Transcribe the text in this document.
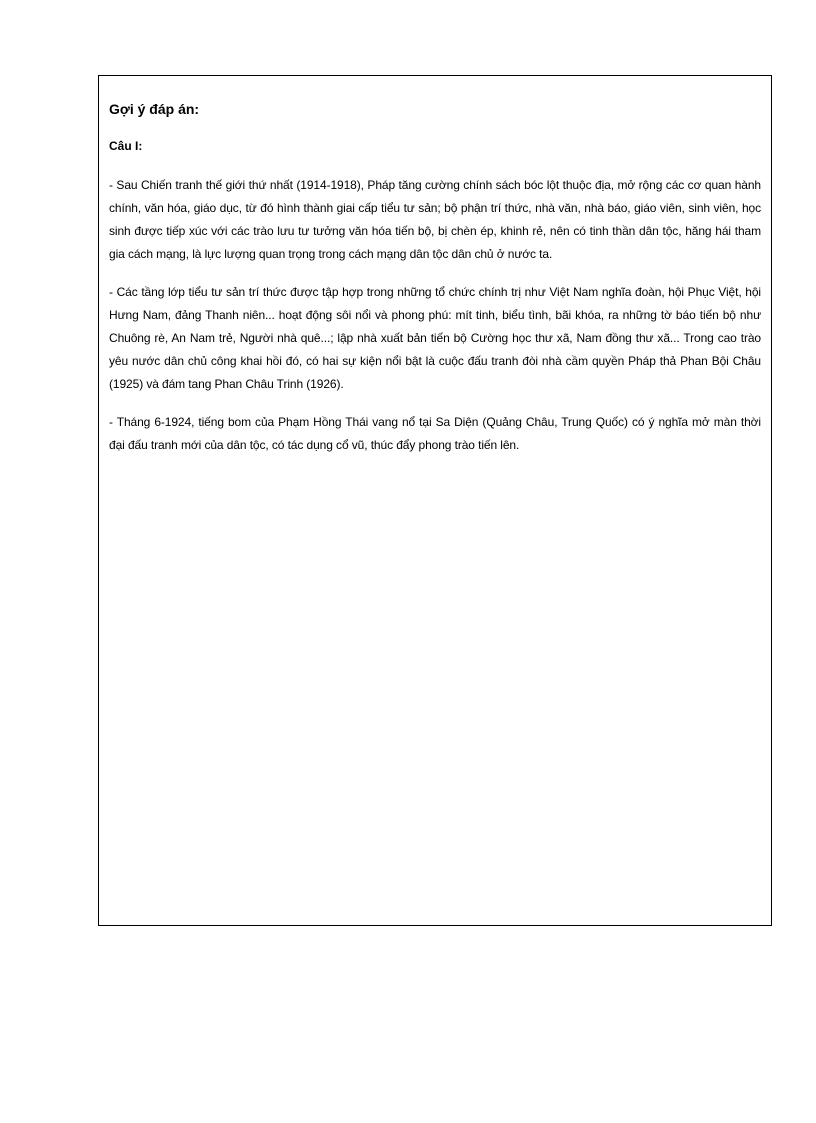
Gợi ý đáp án:

Câu I:

- Sau Chiến tranh thế giới thứ nhất (1914-1918), Pháp tăng cường chính sách bóc lột thuộc địa, mở rộng các cơ quan hành chính, văn hóa, giáo dục, từ đó hình thành giai cấp tiểu tư sản; bộ phận trí thức, nhà văn, nhà báo, giáo viên, sinh viên, học sinh được tiếp xúc với các trào lưu tư tưởng văn hóa tiến bộ, bị chèn ép, khinh rẻ, nên có tinh thần dân tộc, hăng hái tham gia cách mạng, là lực lượng quan trọng trong cách mạng dân tộc dân chủ ở nước ta.

- Các tầng lớp tiểu tư sản trí thức được tập hợp trong những tổ chức chính trị như Việt Nam nghĩa đoàn, hội Phục Việt, hội Hưng Nam, đảng Thanh niên... hoạt động sôi nổi và phong phú: mít tinh, biểu tình, bãi khóa, ra những tờ báo tiến bộ như Chuông rè, An Nam trẻ, Người nhà quê...; lập nhà xuất bản tiến bộ Cường học thư xã, Nam đồng thư xã... Trong cao trào yêu nước dân chủ công khai hồi đó, có hai sự kiện nổi bật là cuộc đấu tranh đòi nhà cầm quyền Pháp thả Phan Bội Châu (1925) và đám tang Phan Châu Trinh (1926).

- Tháng 6-1924, tiếng bom của Phạm Hồng Thái vang nổ tại Sa Diện (Quảng Châu, Trung Quốc) có ý nghĩa mở màn thời đại đấu tranh mới của dân tộc, có tác dụng cổ vũ, thúc đẩy phong trào tiến lên.
